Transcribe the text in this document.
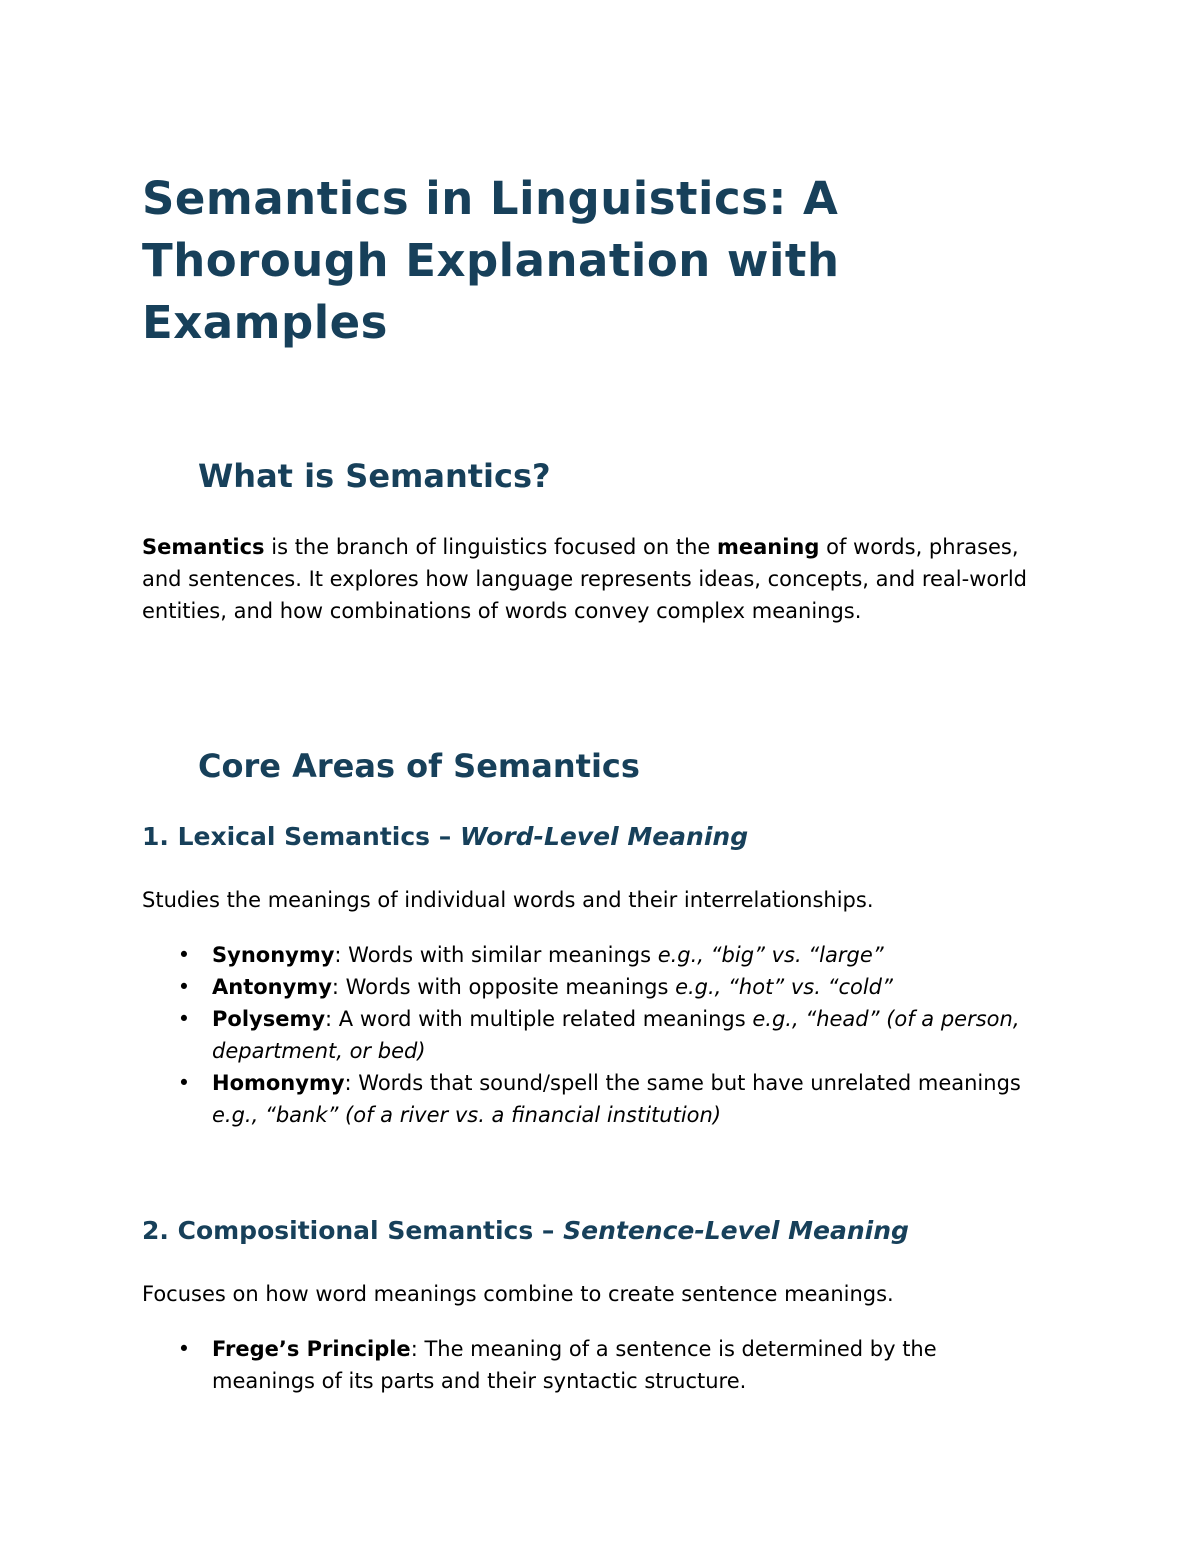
Semantics in Linguistics: A Thorough Explanation with Examples
What is Semantics?

Semantics is the branch of linguistics focused on the meaning of words, phrases, and sentences. It explores how language represents ideas, concepts, and real-world entities, and how combinations of words convey complex meanings.

Core Areas of Semantics
1. Lexical Semantics – Word-Level Meaning

Studies the meanings of individual words and their interrelationships.

• Synonymy: Words with similar meanings e.g., “big” vs. “large”
• Antonymy: Words with opposite meanings e.g., “hot” vs. “cold”
• Polysemy: A word with multiple related meanings e.g., “head” (of a person, department, or bed)
• Homonymy: Words that sound/spell the same but have unrelated meanings e.g., “bank” (of a river vs. a financial institution)
2. Compositional Semantics – Sentence-Level Meaning

Focuses on how word meanings combine to create sentence meanings.

• Frege’s Principle: The meaning of a sentence is determined by the meanings of its parts and their syntactic structure.
